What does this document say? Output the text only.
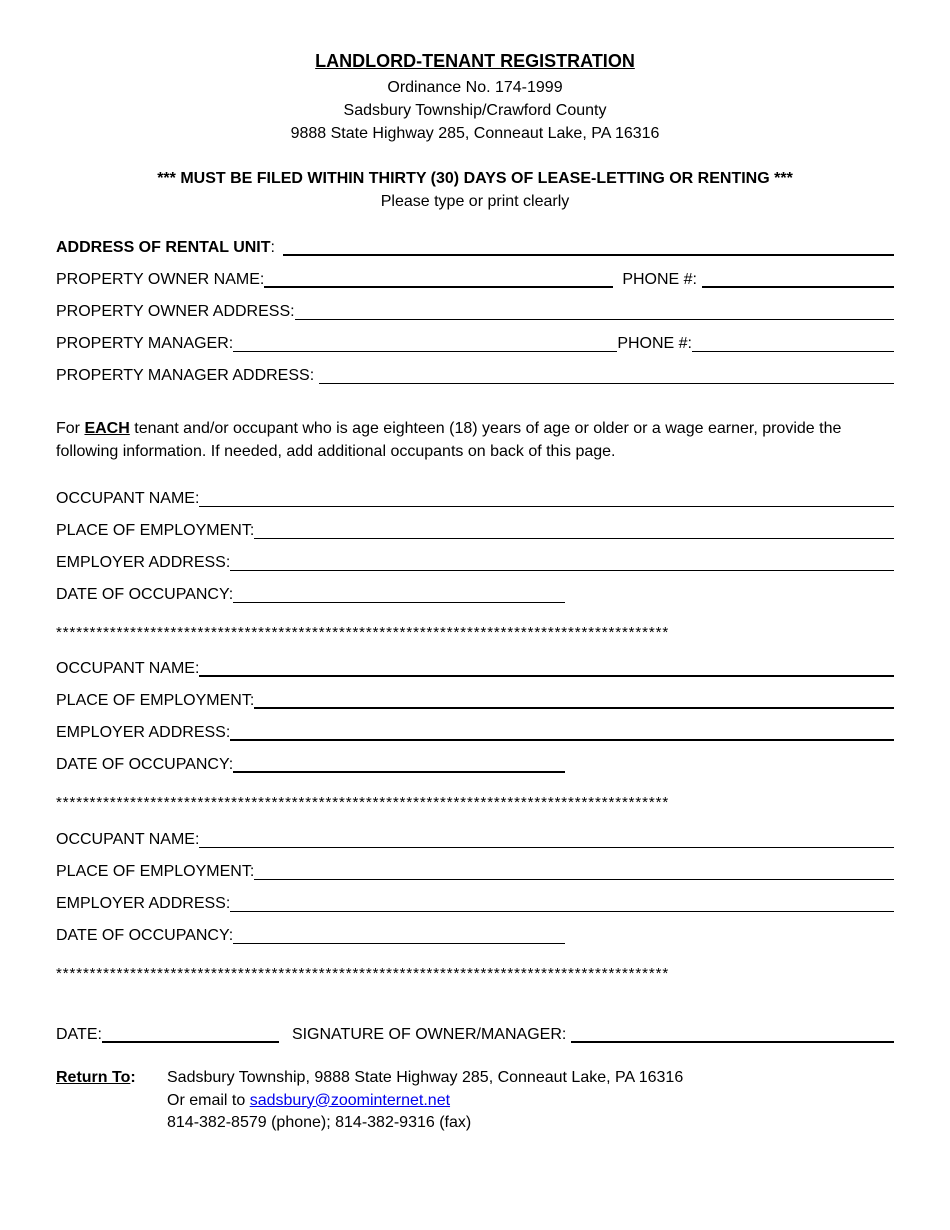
LANDLORD-TENANT REGISTRATION
Ordinance No. 174-1999
Sadsbury Township/Crawford County
9888 State Highway 285, Conneaut Lake, PA 16316
*** MUST BE FILED WITHIN THIRTY (30) DAYS OF LEASE-LETTING OR RENTING ***
Please type or print clearly
ADDRESS OF RENTAL UNIT :
PROPERTY OWNER NAME:	PHONE #:
PROPERTY OWNER ADDRESS:
PROPERTY MANAGER:	PHONE #:
PROPERTY MANAGER ADDRESS:
For EACH tenant and/or occupant who is age eighteen (18) years of age or older or a wage earner, provide the following information. If needed, add additional occupants on back of this page.
OCCUPANT NAME:
PLACE OF EMPLOYMENT:
EMPLOYER ADDRESS:
DATE OF OCCUPANCY:
*******************************************************************************************
OCCUPANT NAME:
PLACE OF EMPLOYMENT:
EMPLOYER ADDRESS:
DATE OF OCCUPANCY:
*******************************************************************************************
OCCUPANT NAME:
PLACE OF EMPLOYMENT:
EMPLOYER ADDRESS:
DATE OF OCCUPANCY:
*******************************************************************************************
DATE:	SIGNATURE OF OWNER/MANAGER:
Return To:	Sadsbury Township, 9888 State Highway 285, Conneaut Lake, PA 16316
Or email to sadsbury@zoominternet.net
814-382-8579 (phone); 814-382-9316 (fax)
